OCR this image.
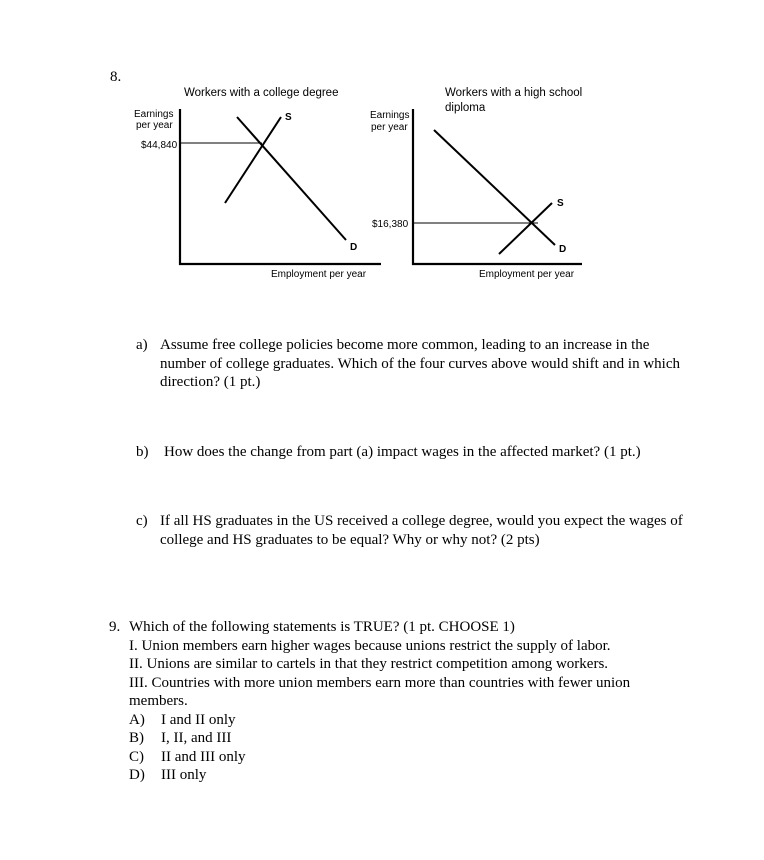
8.
Workers with a college degree
Earnings
per year
$44,840
S
D
Employment per year
Workers with a high school
diploma
Earnings
per year
$16,380
S
D
Employment per year
a) Assume free college policies become more common, leading to an increase in the number of college graduates. Which of the four curves above would shift and in which direction? (1 pt.)
b)	How does the change from part (a) impact wages in the affected market? (1 pt.)
c) If all HS graduates in the US received a college degree, would you expect the wages of college and HS graduates to be equal? Why or why not? (2 pts)
9. Which of the following statements is TRUE? (1 pt. CHOOSE 1)
I. Union members earn higher wages because unions restrict the supply of labor.
II. Unions are similar to cartels in that they restrict competition among workers.
III. Countries with more union members earn more than countries with fewer union members.
A)	I and II only
B)	I, II, and III
C)	II and III only
D)	III only
